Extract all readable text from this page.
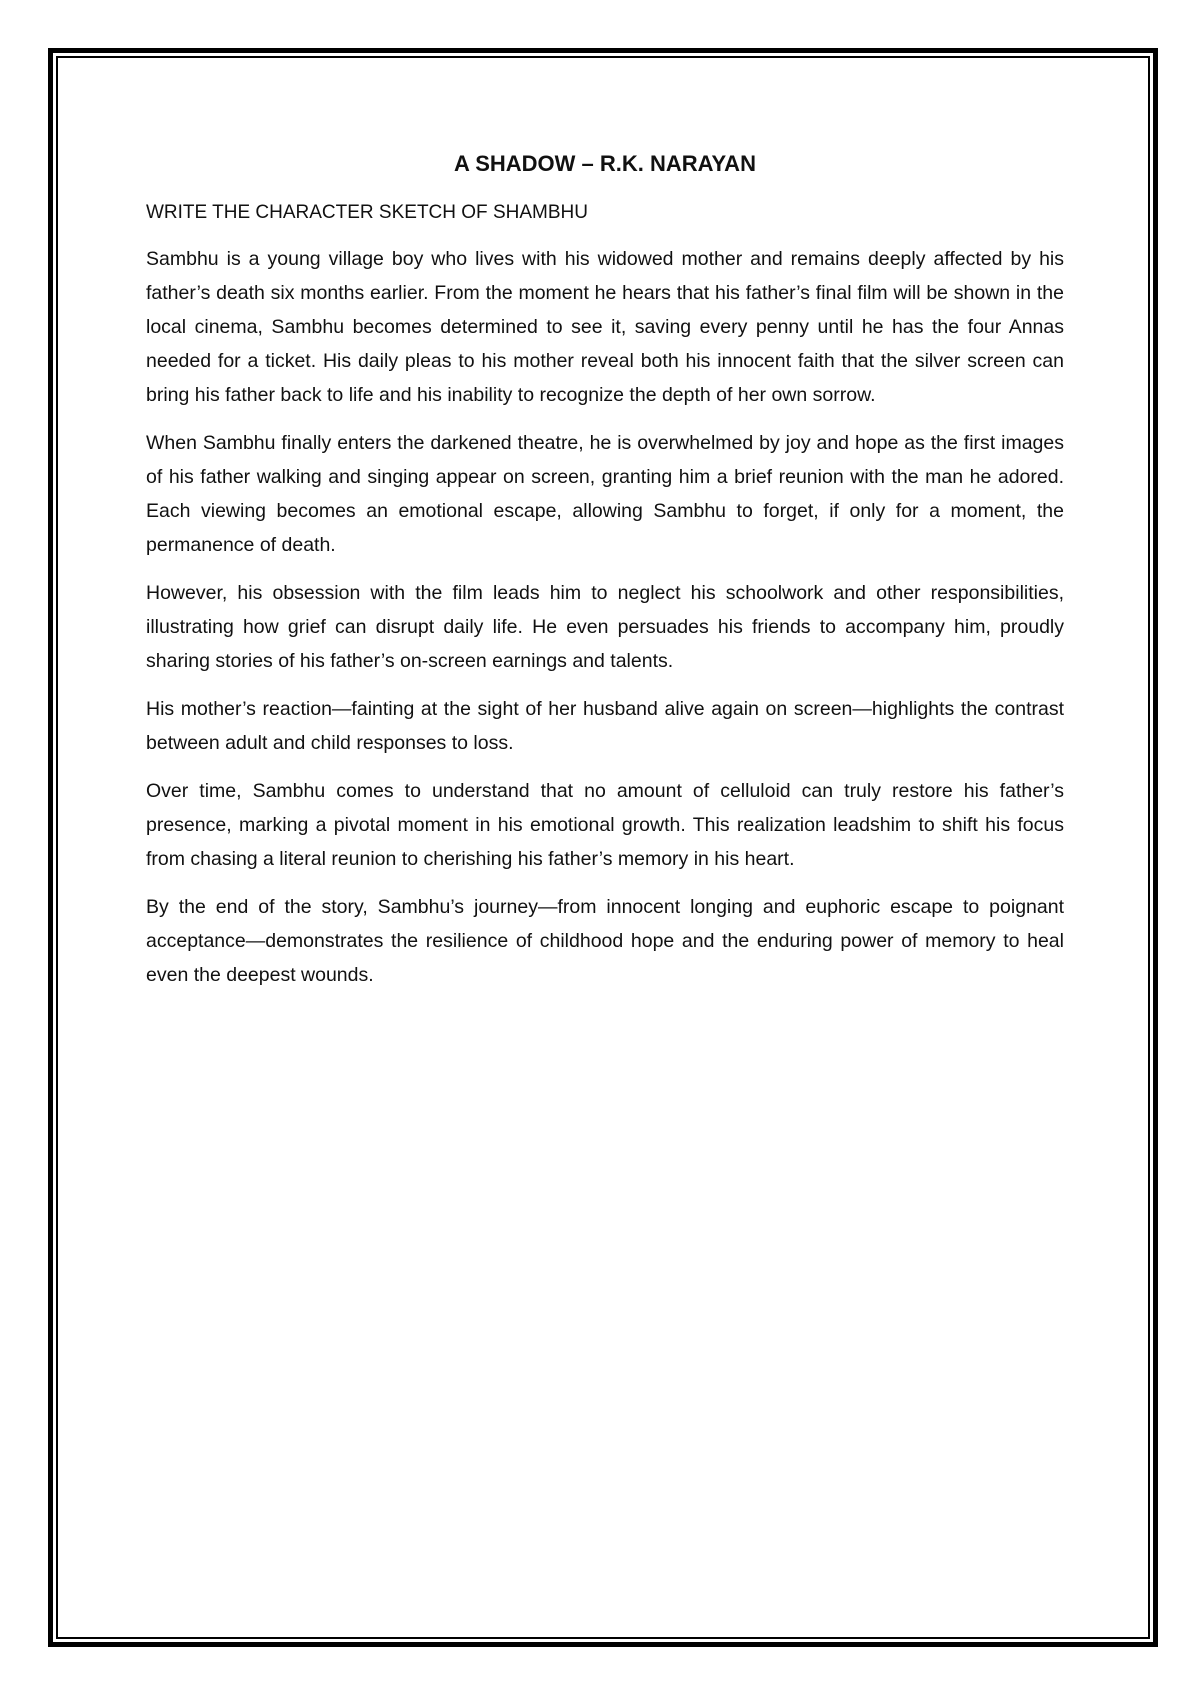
A SHADOW – R.K. NARAYAN
WRITE THE CHARACTER SKETCH OF SHAMBHU

Sambhu is a young village boy who lives with his widowed mother and remains deeply affected by his father’s death six months earlier. From the moment he hears that his father’s final film will be shown in the local cinema, Sambhu becomes determined to see it, saving every penny until he has the four Annas needed for a ticket. His daily pleas to his mother reveal both his innocent faith that the silver screen can bring his father back to life and his inability to recognize the depth of her own sorrow.

When Sambhu finally enters the darkened theatre, he is overwhelmed by joy and hope as the first images of his father walking and singing appear on screen, granting him a brief reunion with the man he adored. Each viewing becomes an emotional escape, allowing Sambhu to forget, if only for a moment, the permanence of death.

However, his obsession with the film leads him to neglect his schoolwork and other responsibilities, illustrating how grief can disrupt daily life. He even persuades his friends to accompany him, proudly sharing stories of his father’s on-screen earnings and talents.

His mother’s reaction—fainting at the sight of her husband alive again on screen—highlights the contrast between adult and child responses to loss.

Over time, Sambhu comes to understand that no amount of celluloid can truly restore his father’s presence, marking a pivotal moment in his emotional growth. This realization leadshim to shift his focus from chasing a literal reunion to cherishing his father’s memory in his heart.

By the end of the story, Sambhu’s journey—from innocent longing and euphoric escape to poignant acceptance—demonstrates the resilience of childhood hope and the enduring power of memory to heal even the deepest wounds.
